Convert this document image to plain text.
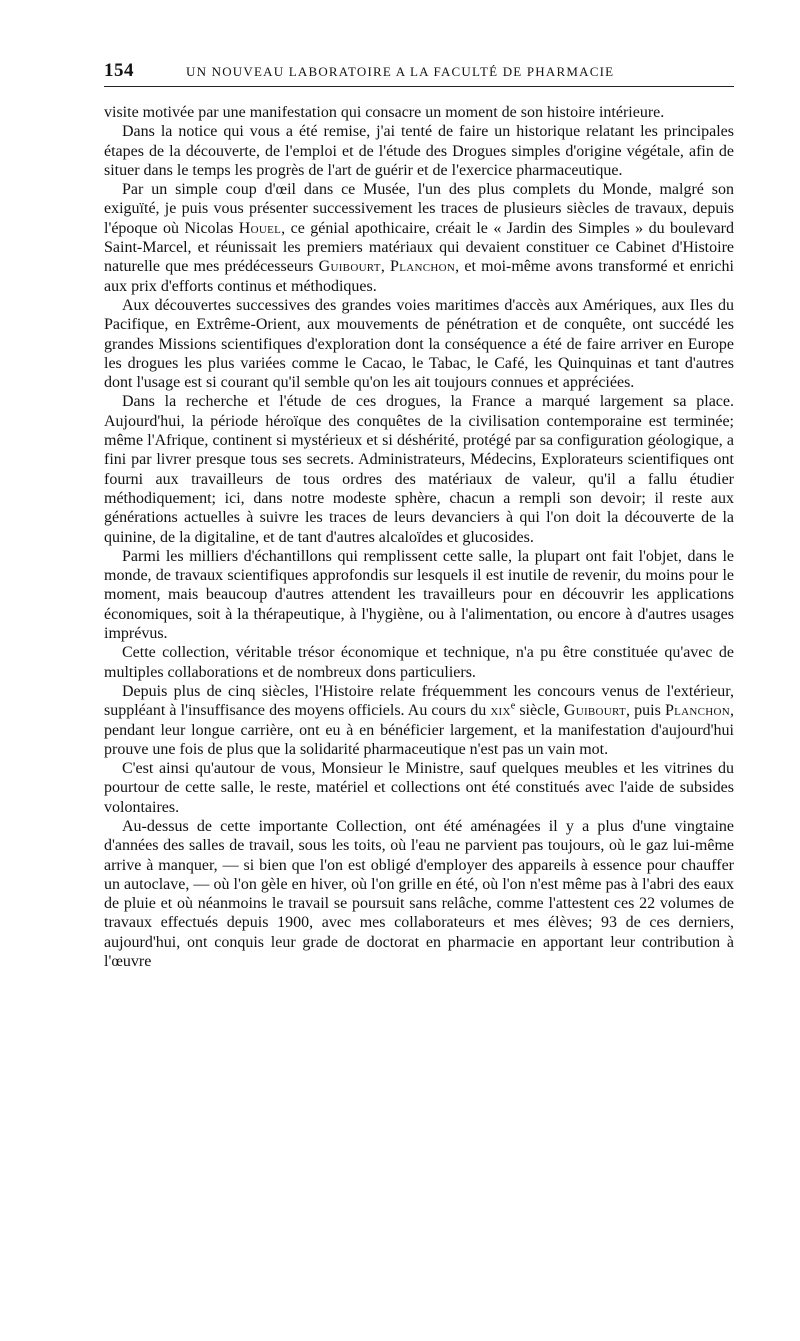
154	UN NOUVEAU LABORATOIRE A LA FACULTÉ DE PHARMACIE

visite motivée par une manifestation qui consacre un moment de son histoire intérieure.

Dans la notice qui vous a été remise, j'ai tenté de faire un historique relatant les principales étapes de la découverte, de l'emploi et de l'étude des Drogues simples d'origine végétale, afin de situer dans le temps les progrès de l'art de guérir et de l'exercice pharmaceutique.

Par un simple coup d'œil dans ce Musée, l'un des plus complets du Monde, malgré son exiguïté, je puis vous présenter successivement les traces de plusieurs siècles de travaux, depuis l'époque où Nicolas Houel, ce génial apothicaire, créait le « Jardin des Simples » du boulevard Saint-Marcel, et réunissait les premiers matériaux qui devaient constituer ce Cabinet d'Histoire naturelle que mes prédécesseurs Guibourt, Planchon, et moi-même avons transformé et enrichi aux prix d'efforts continus et méthodiques.

Aux découvertes successives des grandes voies maritimes d'accès aux Amériques, aux Iles du Pacifique, en Extrême-Orient, aux mouvements de pénétration et de conquête, ont succédé les grandes Missions scientifiques d'exploration dont la conséquence a été de faire arriver en Europe les drogues les plus variées comme le Cacao, le Tabac, le Café, les Quinquinas et tant d'autres dont l'usage est si courant qu'il semble qu'on les ait toujours connues et appréciées.

Dans la recherche et l'étude de ces drogues, la France a marqué largement sa place. Aujourd'hui, la période héroïque des conquêtes de la civilisation contemporaine est terminée; même l'Afrique, continent si mystérieux et si déshérité, protégé par sa configuration géologique, a fini par livrer presque tous ses secrets. Administrateurs, Médecins, Explorateurs scientifiques ont fourni aux travailleurs de tous ordres des matériaux de valeur, qu'il a fallu étudier méthodiquement; ici, dans notre modeste sphère, chacun a rempli son devoir; il reste aux générations actuelles à suivre les traces de leurs devanciers à qui l'on doit la découverte de la quinine, de la digitaline, et de tant d'autres alcaloïdes et glucosides.

Parmi les milliers d'échantillons qui remplissent cette salle, la plupart ont fait l'objet, dans le monde, de travaux scientifiques approfondis sur lesquels il est inutile de revenir, du moins pour le moment, mais beaucoup d'autres attendent les travailleurs pour en découvrir les applications économiques, soit à la thérapeutique, à l'hygiène, ou à l'alimentation, ou encore à d'autres usages imprévus.

Cette collection, véritable trésor économique et technique, n'a pu être constituée qu'avec de multiples collaborations et de nombreux dons particuliers.

Depuis plus de cinq siècles, l'Histoire relate fréquemment les concours venus de l'extérieur, suppléant à l'insuffisance des moyens officiels. Au cours du xix$^e$ siècle, Guibourt, puis Planchon, pendant leur longue carrière, ont eu à en bénéficier largement, et la manifestation d'aujourd'hui prouve une fois de plus que la solidarité pharmaceutique n'est pas un vain mot.

C'est ainsi qu'autour de vous, Monsieur le Ministre, sauf quelques meubles et les vitrines du pourtour de cette salle, le reste, matériel et collections ont été constitués avec l'aide de subsides volontaires.

Au-dessus de cette importante Collection, ont été aménagées il y a plus d'une vingtaine d'années des salles de travail, sous les toits, où l'eau ne parvient pas toujours, où le gaz lui-même arrive à manquer, — si bien que l'on est obligé d'employer des appareils à essence pour chauffer un autoclave, — où l'on gèle en hiver, où l'on grille en été, où l'on n'est même pas à l'abri des eaux de pluie et où néanmoins le travail se poursuit sans relâche, comme l'attestent ces 22 volumes de travaux effectués depuis 1900, avec mes collaborateurs et mes élèves; 93 de ces derniers, aujourd'hui, ont conquis leur grade de doctorat en pharmacie en apportant leur contribution à l'œuvre
